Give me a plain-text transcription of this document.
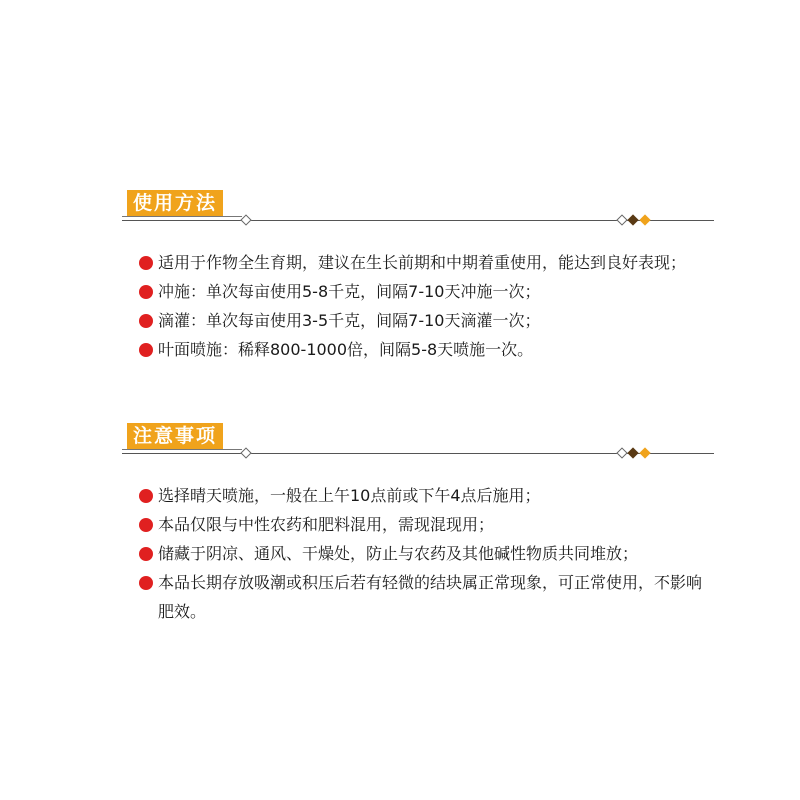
使用方法
适用于作物全生育期，建议在生长前期和中期着重使用，能达到良好表现；
冲施：单次每亩使用5-8千克，间隔7-10天冲施一次；
滴灌：单次每亩使用3-5千克，间隔7-10天滴灌一次；
叶面喷施：稀释800-1000倍，间隔5-8天喷施一次。
注意事项
选择晴天喷施，一般在上午10点前或下午4点后施用；
本品仅限与中性农药和肥料混用，需现混现用；
储藏于阴凉、通风、干燥处，防止与农药及其他碱性物质共同堆放；
本品长期存放吸潮或积压后若有轻微的结块属正常现象，可正常使用，不影响肥效。
